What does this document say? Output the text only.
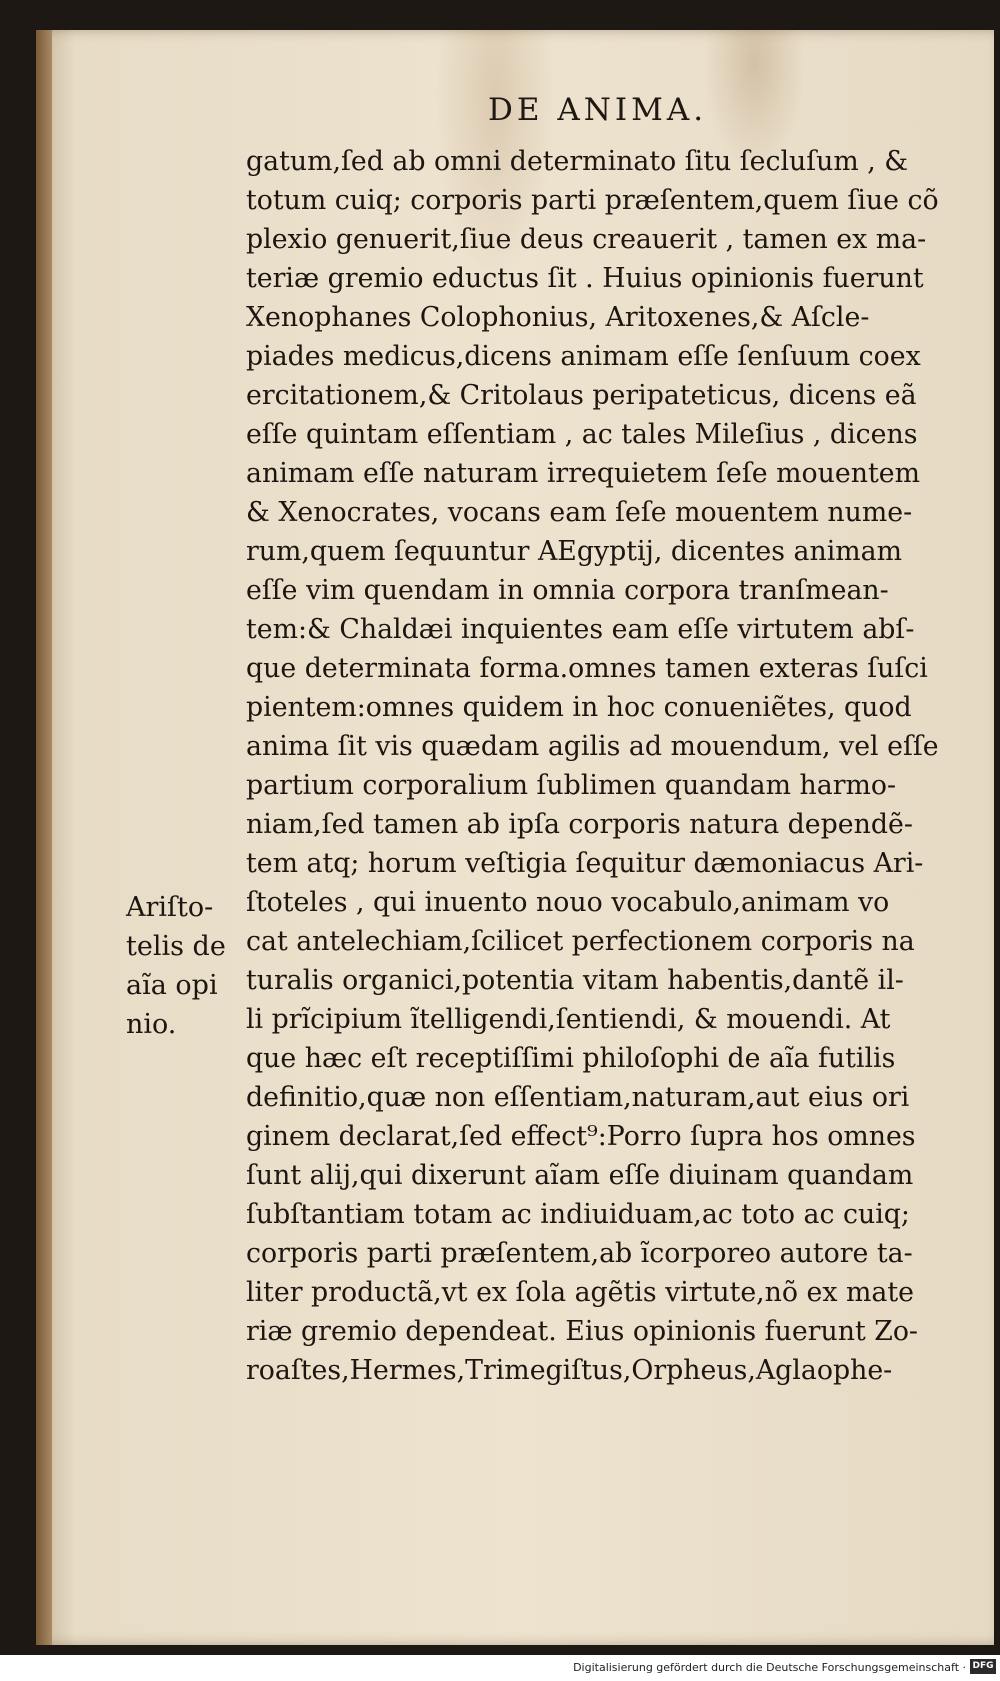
DE ANIMA.
Ariſto-
telis de
aĩa opi
nio.
gatum,ſed ab omni determinato ſitu ſecluſum , &
totum cuiq; corporis parti præſentem,quem ſiue cõ
plexio genuerit,ſiue deus creauerit , tamen ex ma-
teriæ gremio eductus ſit . Huius opinionis fuerunt
Xenophanes Colophonius, Aritoxenes,& Aſcle-
piades medicus,dicens animam eſſe ſenſuum coex
ercitationem,& Critolaus peripateticus, dicens eã
eſſe quintam eſſentiam , ac tales Mileſius , dicens
animam eſſe naturam irrequietem ſeſe mouentem
& Xenocrates, vocans eam ſeſe mouentem nume-
rum,quem ſequuntur AEgyptij, dicentes animam
eſſe vim quendam in omnia corpora tranſmean-
tem:& Chaldæi inquientes eam eſſe virtutem abſ-
que determinata forma.omnes tamen exteras ſuſci
pientem:omnes quidem in hoc conueniẽtes, quod
anima ſit vis quædam agilis ad mouendum, vel eſſe
partium corporalium ſublimen quandam harmo-
niam,ſed tamen ab ipſa corporis natura dependẽ-
tem atq; horum veſtigia ſequitur dæmoniacus Ari-
ſtoteles , qui inuento nouo vocabulo,animam vo
cat antelechiam,ſcilicet perfectionem corporis na
turalis organici,potentia vitam habentis,dantẽ il-
li prĩcipium ĩtelligendi,ſentiendi, & mouendi. At
que hæc eſt receptiſſimi philoſophi de aĩa futilis
definitio,quæ non eſſentiam,naturam,aut eius ori
ginem declarat,ſed effect⁹:Porro ſupra hos omnes
ſunt alij,qui dixerunt aĩam eſſe diuinam quandam
ſubſtantiam totam ac indiuiduam,ac toto ac cuiq;
corporis parti præſentem,ab ĩcorporeo autore ta-
liter productã,vt ex ſola agẽtis virtute,nõ ex mate
riæ gremio dependeat. Eius opinionis fuerunt Zo-
roaſtes,Hermes,Trimegiſtus,Orpheus,Aglaophe-
Digitalisierung gefördert durch die Deutsche Forschungsgemeinschaft · DFG
